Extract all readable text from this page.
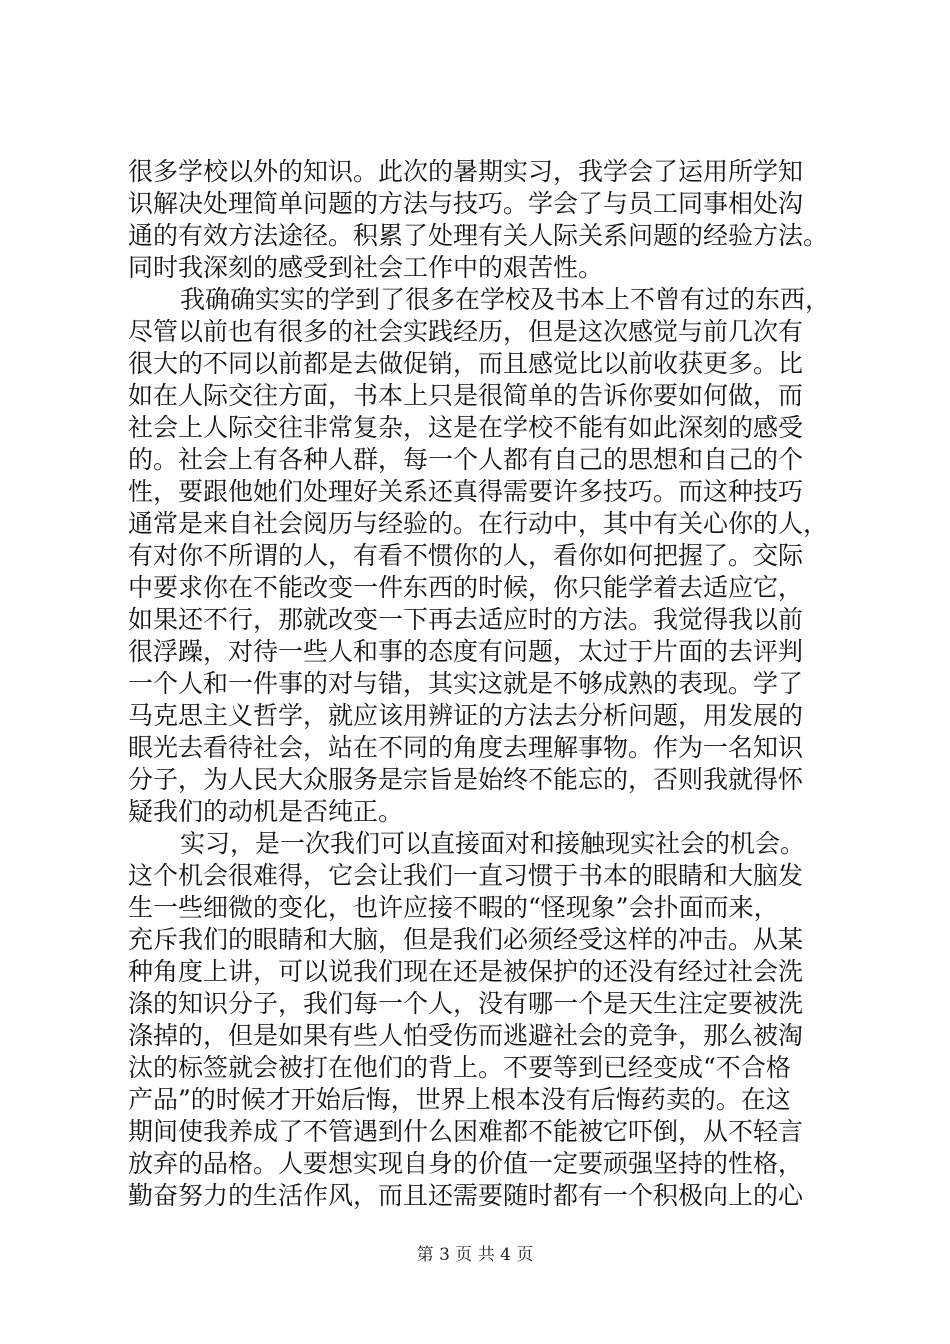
很多学校以外的知识。此次的暑期实习，我学会了运用所学知
识解决处理简单问题的方法与技巧。学会了与员工同事相处沟
通的有效方法途径。积累了处理有关人际关系问题的经验方法。
同时我深刻的感受到社会工作中的艰苦性。
我确确实实的学到了很多在学校及书本上不曾有过的东西，
尽管以前也有很多的社会实践经历，但是这次感觉与前几次有
很大的不同以前都是去做促销，而且感觉比以前收获更多。比
如在人际交往方面，书本上只是很简单的告诉你要如何做，而
社会上人际交往非常复杂，这是在学校不能有如此深刻的感受
的。社会上有各种人群，每一个人都有自己的思想和自己的个
性，要跟他她们处理好关系还真得需要许多技巧。而这种技巧
通常是来自社会阅历与经验的。在行动中，其中有关心你的人，
有对你不所谓的人，有看不惯你的人，看你如何把握了。交际
中要求你在不能改变一件东西的时候，你只能学着去适应它，
如果还不行，那就改变一下再去适应时的方法。我觉得我以前
很浮躁，对待一些人和事的态度有问题，太过于片面的去评判
一个人和一件事的对与错，其实这就是不够成熟的表现。学了
马克思主义哲学，就应该用辨证的方法去分析问题，用发展的
眼光去看待社会，站在不同的角度去理解事物。作为一名知识
分子，为人民大众服务是宗旨是始终不能忘的，否则我就得怀
疑我们的动机是否纯正。
实习，是一次我们可以直接面对和接触现实社会的机会。
这个机会很难得，它会让我们一直习惯于书本的眼睛和大脑发
生一些细微的变化，也许应接不暇的“怪现象”会扑面而来，
充斥我们的眼睛和大脑，但是我们必须经受这样的冲击。从某
种角度上讲，可以说我们现在还是被保护的还没有经过社会洗
涤的知识分子，我们每一个人，没有哪一个是天生注定要被洗
涤掉的，但是如果有些人怕受伤而逃避社会的竞争，那么被淘
汰的标签就会被打在他们的背上。不要等到已经变成“不合格
产品”的时候才开始后悔，世界上根本没有后悔药卖的。在这
期间使我养成了不管遇到什么困难都不能被它吓倒，从不轻言
放弃的品格。人要想实现自身的价值一定要顽强坚持的性格，
勤奋努力的生活作风，而且还需要随时都有一个积极向上的心
第 3 页 共 4 页
